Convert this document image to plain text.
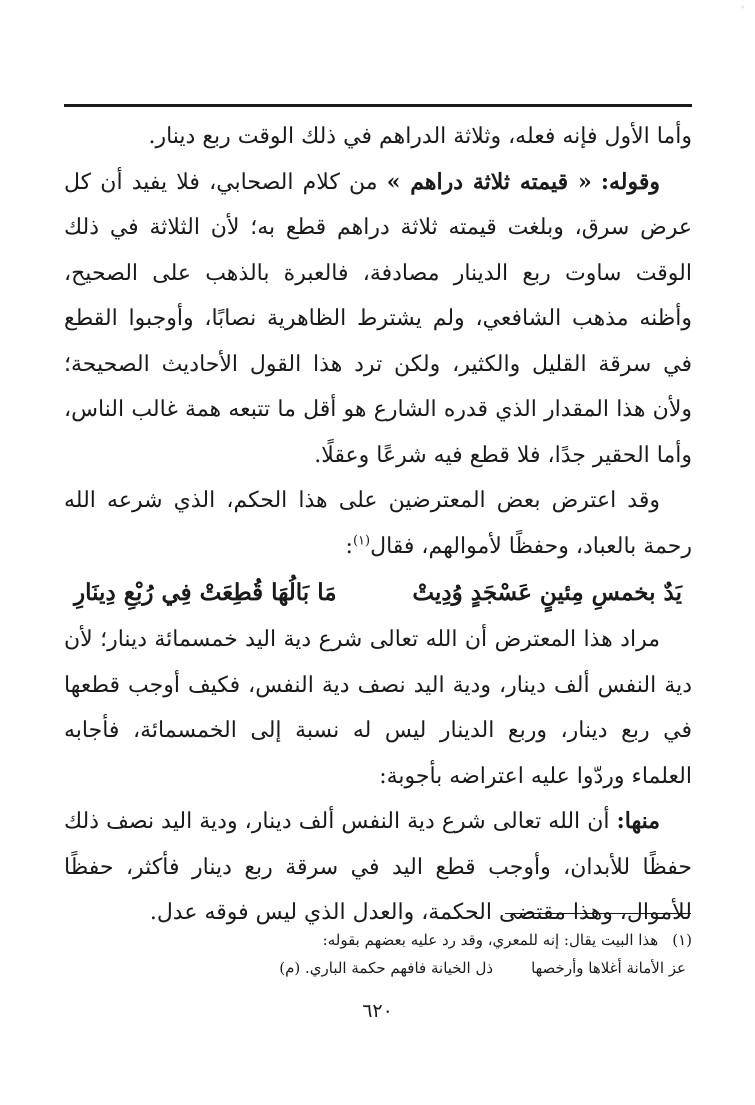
◦

وأما الأول فإنه فعله، وثلاثة الدراهم في ذلك الوقت ربع دينار.

وقوله: « قيمته ثلاثة دراهم » من كلام الصحابي، فلا يفيد أن كل عرض سرق، وبلغت قيمته ثلاثة دراهم قطع به؛ لأن الثلاثة في ذلك الوقت ساوت ربع الدينار مصادفة، فالعبرة بالذهب على الصحيح، وأظنه مذهب الشافعي، ولم يشترط الظاهرية نصابًا، وأوجبوا القطع في سرقة القليل والكثير، ولكن ترد هذا القول الأحاديث الصحيحة؛ ولأن هذا المقدار الذي قدره الشارع هو أقل ما تتبعه همة غالب الناس، وأما الحقير جدًا، فلا قطع فيه شرعًا وعقلًا.

وقد اعترض بعض المعترضين على هذا الحكم، الذي شرعه الله رحمة بالعباد، وحفظًا لأموالهم، فقال$^{(١)}$:

يَدٌ بخمسِ مِئينٍ عَسْجَدٍ وُدِيتْ
مَا بَالُهَا قُطِعَتْ فِي رُبْعِ دِينَارِ

مراد هذا المعترض أن الله تعالى شرع دية اليد خمسمائة دينار؛ لأن دية النفس ألف دينار، ودية اليد نصف دية النفس، فكيف أوجب قطعها في ربع دينار، وربع الدينار ليس له نسبة إلى الخمسمائة، فأجابه العلماء وردّوا عليه اعتراضه بأجوبة:

منها: أن الله تعالى شرع دية النفس ألف دينار، ودية اليد نصف ذلك حفظًا للأبدان، وأوجب قطع اليد في سرقة ربع دينار فأكثر، حفظًا للأموال، وهذا مقتضى الحكمة، والعدل الذي ليس فوقه عدل.

(١)
هذا البيت يقال: إنه للمعري، وقد رد عليه بعضهم بقوله:
عز الأمانة أغلاها وأرخصها
ذل الخيانة فافهم حكمة الباري. (م)
٦٢٠
